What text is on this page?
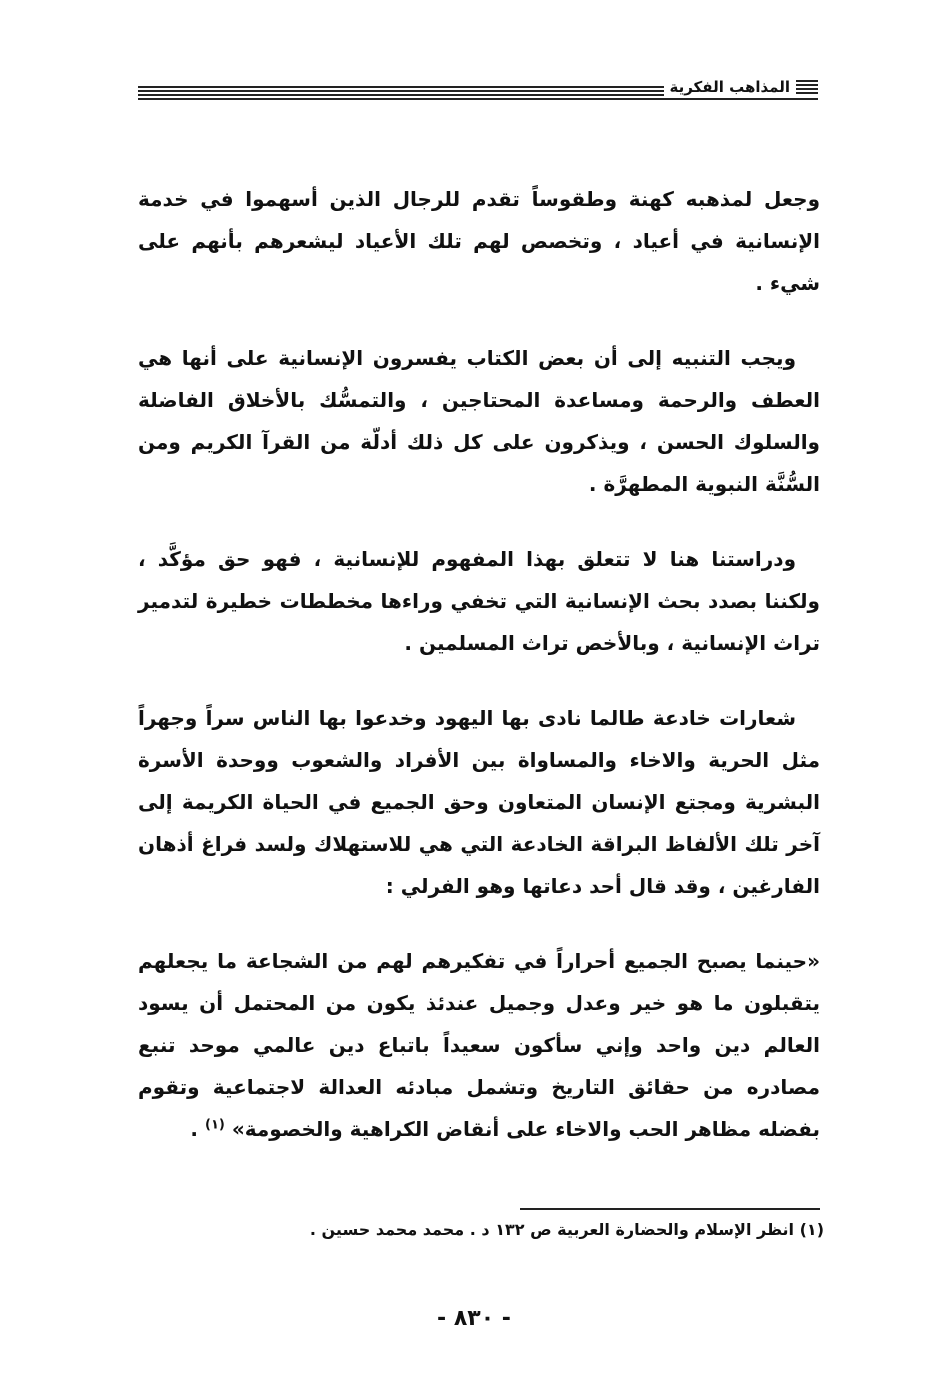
المذاهب الفكرية

وجعل لمذهبه كهنة وطقوساً تقدم للرجال الذين أسهموا في خدمة الإنسانية في أعياد ، وتخصص لهم تلك الأعياد ليشعرهم بأنهم على شيء .

ويجب التنبيه إلى أن بعض الكتاب يفسرون الإنسانية على أنها هي العطف والرحمة ومساعدة المحتاجين ، والتمسُّك بالأخلاق الفاضلة والسلوك الحسن ، ويذكرون على كل ذلك أدلّة من القرآ الكريم ومن السُّنَّة النبوية المطهرَّة .

ودراستنا هنا لا تتعلق بهذا المفهوم للإنسانية ، فهو حق مؤكَّد ، ولكننا بصدد بحث الإنسانية التي تخفي وراءها مخططات خطيرة لتدمير تراث الإنسانية ، وبالأخص تراث المسلمين .

شعارات خادعة طالما نادى بها اليهود وخدعوا بها الناس سراً وجهراً مثل الحرية والاخاء والمساواة بين الأفراد والشعوب ووحدة الأسرة البشرية ومجتع الإنسان المتعاون وحق الجميع في الحياة الكريمة إلى آخر تلك الألفاظ البراقة الخادعة التي هي للاستهلاك ولسد فراغ أذهان الفارغين ، وقد قال أحد دعاتها وهو الفرلي :

«حينما يصبح الجميع أحراراً في تفكيرهم لهم من الشجاعة ما يجعلهم يتقبلون ما هو خير وعدل وجميل عندئذ يكون من المحتمل أن يسود العالم دين واحد وإني سأكون سعيداً باتباع دين عالمي موحد تنبع مصادره من حقائق التاريخ وتشمل مبادئه العدالة لاجتماعية وتقوم بفضله مظاهر الحب والاخاء على أنقاض الكراهية والخصومة» $^{(١)}$ .

(١) انظر الإسلام والحضارة العربية ص ١٣٢ د . محمد محمد حسين .
- ٨٣٠ -
